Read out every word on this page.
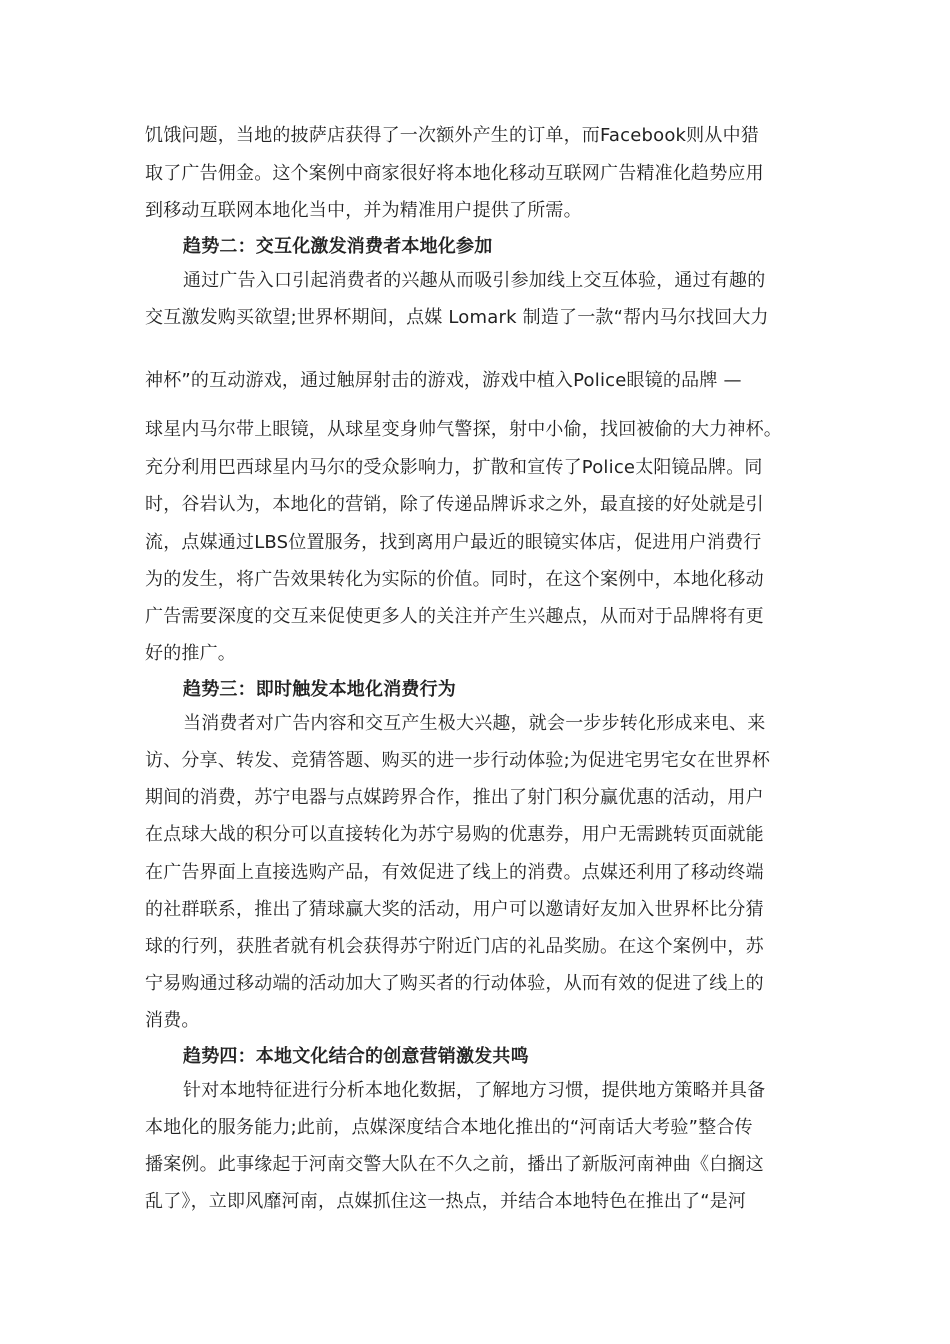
饥饿问题，当地的披萨店获得了一次额外产生的订单，而Facebook则从中猎
取了广告佣金。这个案例中商家很好将本地化移动互联网广告精准化趋势应用
到移动互联网本地化当中，并为精准用户提供了所需。
趋势二：交互化激发消费者本地化参加
通过广告入口引起消费者的兴趣从而吸引参加线上交互体验，通过有趣的
交互激发购买欲望;世界杯期间，点媒 Lomark 制造了一款“帮内马尔找回大力
神杯”的互动游戏，通过触屏射击的游戏，游戏中植入Police眼镜的品牌 —
球星内马尔带上眼镜，从球星变身帅气警探，射中小偷，找回被偷的大力神杯。
充分利用巴西球星内马尔的受众影响力，扩散和宣传了Police太阳镜品牌。同
时，谷岩认为，本地化的营销，除了传递品牌诉求之外，最直接的好处就是引
流，点媒通过LBS位置服务，找到离用户最近的眼镜实体店，促进用户消费行
为的发生，将广告效果转化为实际的价值。同时，在这个案例中，本地化移动
广告需要深度的交互来促使更多人的关注并产生兴趣点，从而对于品牌将有更
好的推广。
趋势三：即时触发本地化消费行为
当消费者对广告内容和交互产生极大兴趣，就会一步步转化形成来电、来
访、分享、转发、竞猜答题、购买的进一步行动体验;为促进宅男宅女在世界杯
期间的消费，苏宁电器与点媒跨界合作，推出了射门积分赢优惠的活动，用户
在点球大战的积分可以直接转化为苏宁易购的优惠券，用户无需跳转页面就能
在广告界面上直接选购产品，有效促进了线上的消费。点媒还利用了移动终端
的社群联系，推出了猜球赢大奖的活动，用户可以邀请好友加入世界杯比分猜
球的行列，获胜者就有机会获得苏宁附近门店的礼品奖励。在这个案例中，苏
宁易购通过移动端的活动加大了购买者的行动体验，从而有效的促进了线上的
消费。
趋势四：本地文化结合的创意营销激发共鸣
针对本地特征进行分析本地化数据，了解地方习惯，提供地方策略并具备
本地化的服务能力;此前，点媒深度结合本地化推出的“河南话大考验”整合传
播案例。此事缘起于河南交警大队在不久之前，播出了新版河南神曲《白搁这
乱了》，立即风靡河南，点媒抓住这一热点，并结合本地特色在推出了“是河
